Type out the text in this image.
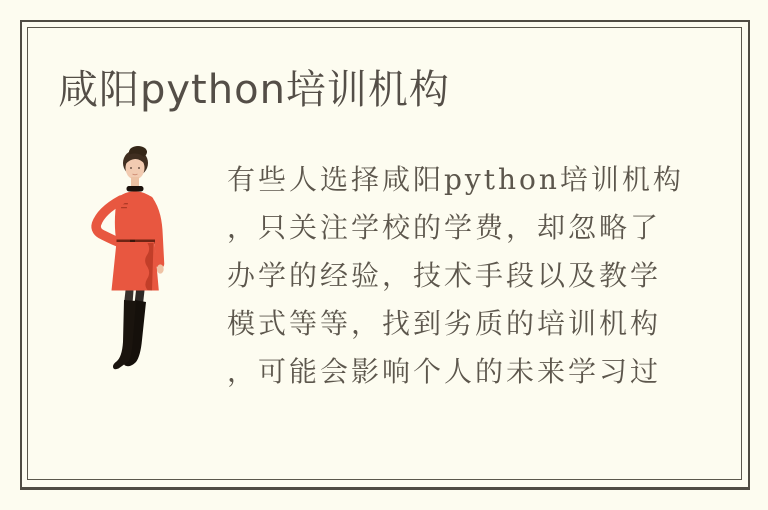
咸阳python培训机构
有些人选择咸阳python培训机构
，只关注学校的学费，却忽略了
办学的经验，技术手段以及教学
模式等等，找到劣质的培训机构
，可能会影响个人的未来学习过
